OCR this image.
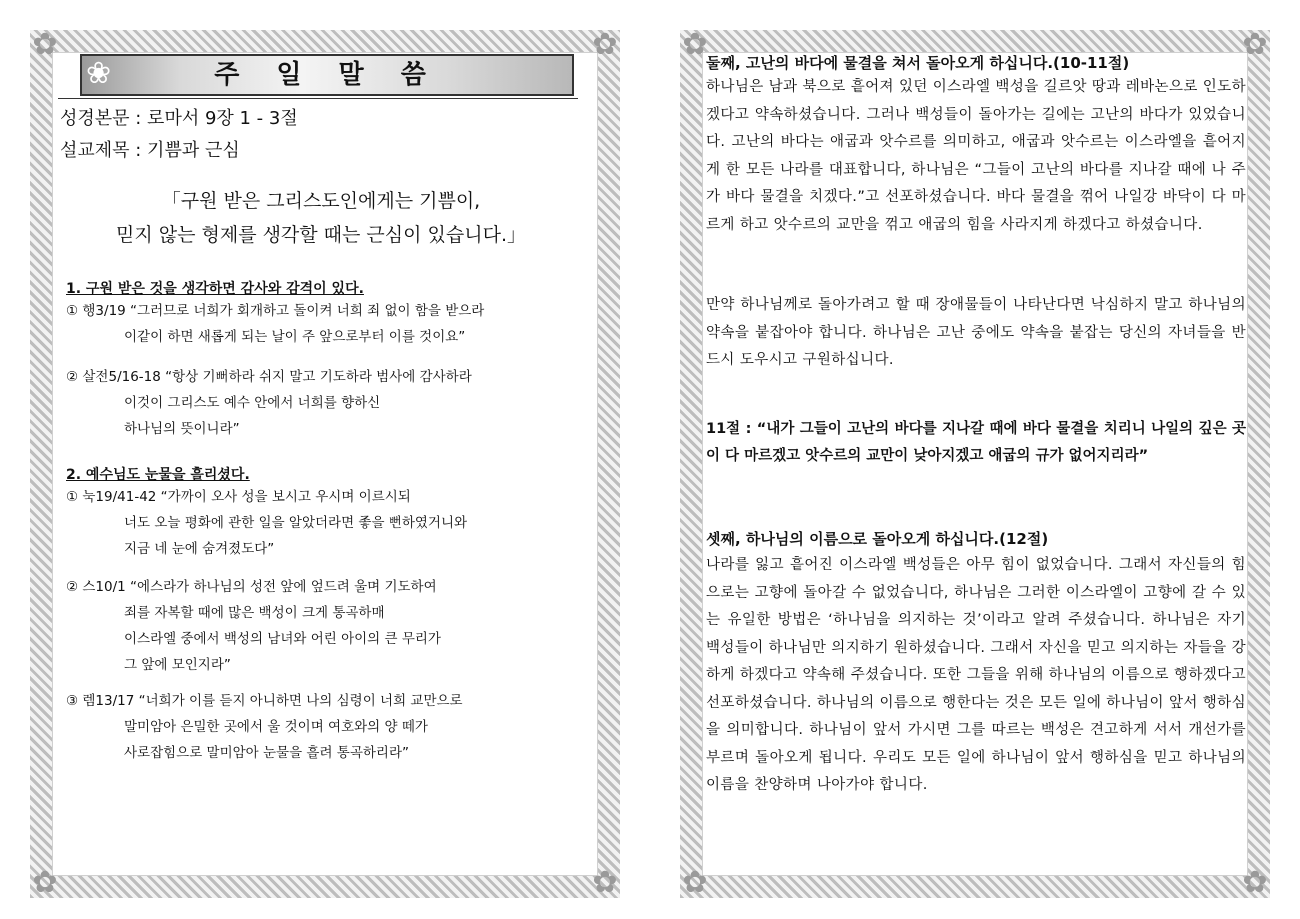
✿	✿
✿	✿
❀	주 일 말 씀
성경본문 : 로마서 9장 1 - 3절
설교제목 : 기쁨과 근심
「구원 받은 그리스도인에게는 기쁨이,
믿지 않는 형제를 생각할 때는 근심이 있습니다.」
1. 구원 받은 것을 생각하면 감사와 감격이 있다.
① 행3/19 “그러므로 너희가 회개하고 돌이켜 너희 죄 없이 함을 받으라
이같이 하면 새롭게 되는 날이 주 앞으로부터 이를 것이요”
② 살전5/16-18 “항상 기뻐하라 쉬지 말고 기도하라 범사에 감사하라
이것이 그리스도 예수 안에서 너희를 향하신
하나님의 뜻이니라”
2. 예수님도 눈물을 흘리셨다.
① 눅19/41-42 “가까이 오사 성을 보시고 우시며 이르시되
너도 오늘 평화에 관한 일을 알았더라면 좋을 뻔하였거니와
지금 네 눈에 숨겨졌도다”
② 스10/1 “에스라가 하나님의 성전 앞에 엎드려 울며 기도하여
죄를 자복할 때에 많은 백성이 크게 통곡하매
이스라엘 중에서 백성의 남녀와 어린 아이의 큰 무리가
그 앞에 모인지라”
③ 렘13/17 “너희가 이를 듣지 아니하면 나의 심령이 너희 교만으로
말미암아 은밀한 곳에서 울 것이며 여호와의 양 떼가
사로잡힘으로 말미암아 눈물을 흘려 통곡하리라”
✿	✿
✿	✿
둘째, 고난의 바다에 물결을 쳐서 돌아오게 하십니다.(10-11절)
하나님은 남과 북으로 흩어져 있던 이스라엘 백성을 길르앗 땅과 레바논으로 인도하겠다고 약속하셨습니다. 그러나 백성들이 돌아가는 길에는 고난의 바다가 있었습니다. 고난의 바다는 애굽과 앗수르를 의미하고, 애굽과 앗수르는 이스라엘을 흩어지게 한 모든 나라를 대표합니다, 하나님은 “그들이 고난의 바다를 지나갈 때에 나 주가 바다 물결을 치겠다.”고 선포하셨습니다. 바다 물결을 꺾어 나일강 바닥이 다 마르게 하고 앗수르의 교만을 꺾고 애굽의 힘을 사라지게 하겠다고 하셨습니다.
만약 하나님께로 돌아가려고 할 때 장애물들이 나타난다면 낙심하지 말고 하나님의 약속을 붙잡아야 합니다. 하나님은 고난 중에도 약속을 붙잡는 당신의 자녀들을 반드시 도우시고 구원하십니다.
11절 : “내가 그들이 고난의 바다를 지나갈 때에 바다 물결을 치리니 나일의 깊은 곳이 다 마르겠고 앗수르의 교만이 낮아지겠고 애굽의 규가 없어지리라”
셋째, 하나님의 이름으로 돌아오게 하십니다.(12절)
나라를 잃고 흩어진 이스라엘 백성들은 아무 힘이 없었습니다. 그래서 자신들의 힘으로는 고향에 돌아갈 수 없었습니다, 하나님은 그러한 이스라엘이 고향에 갈 수 있는 유일한 방법은 ‘하나님을 의지하는 것’이라고 알려 주셨습니다. 하나님은 자기 백성들이 하나님만 의지하기 원하셨습니다. 그래서 자신을 믿고 의지하는 자들을 강하게 하겠다고 약속해 주셨습니다. 또한 그들을 위해 하나님의 이름으로 행하겠다고 선포하셨습니다. 하나님의 이름으로 행한다는 것은 모든 일에 하나님이 앞서 행하심을 의미합니다. 하나님이 앞서 가시면 그를 따르는 백성은 견고하게 서서 개선가를 부르며 돌아오게 됩니다. 우리도 모든 일에 하나님이 앞서 행하심을 믿고 하나님의 이름을 찬양하며 나아가야 합니다.
